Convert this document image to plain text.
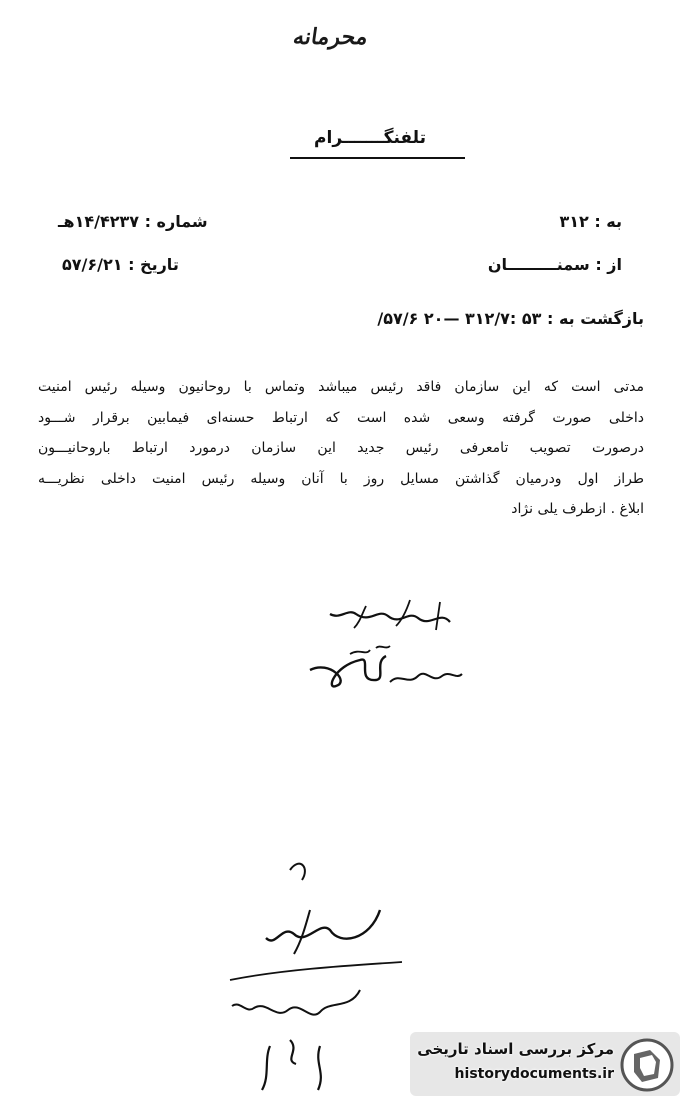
محرمانه
تلفنگـــــــرام
به : ۳۱۲
از : سمنـــــــــان
شماره : ۱۴/۴۲۳۷هـ
تاریخ : ۵۷/۶/۲۱
بازگشت به : ۵۳ :۳۱۲/۷ —۲۰ ۵۷/۶/
مدتی است که این سازمان فاقد رئیس میباشد وتماس با روحانیون وسیله رئیس امنیت
داخلی صورت گرفته وسعی شده است که ارتباط حسنه‌ای فیمابین برقرار شـــود
درصورت تصویب تامعرفی رئیس جدید این سازمان درمورد ارتباط باروحانیـــون
طراز اول ودرمیان گذاشتن مسایل روز با آنان وسیله رئیس امنیت داخلی نظریـــه
ابلاغ . ازطرف یلی نژاد
مرکز بررسی اسناد تاریخی
historydocuments.ir
